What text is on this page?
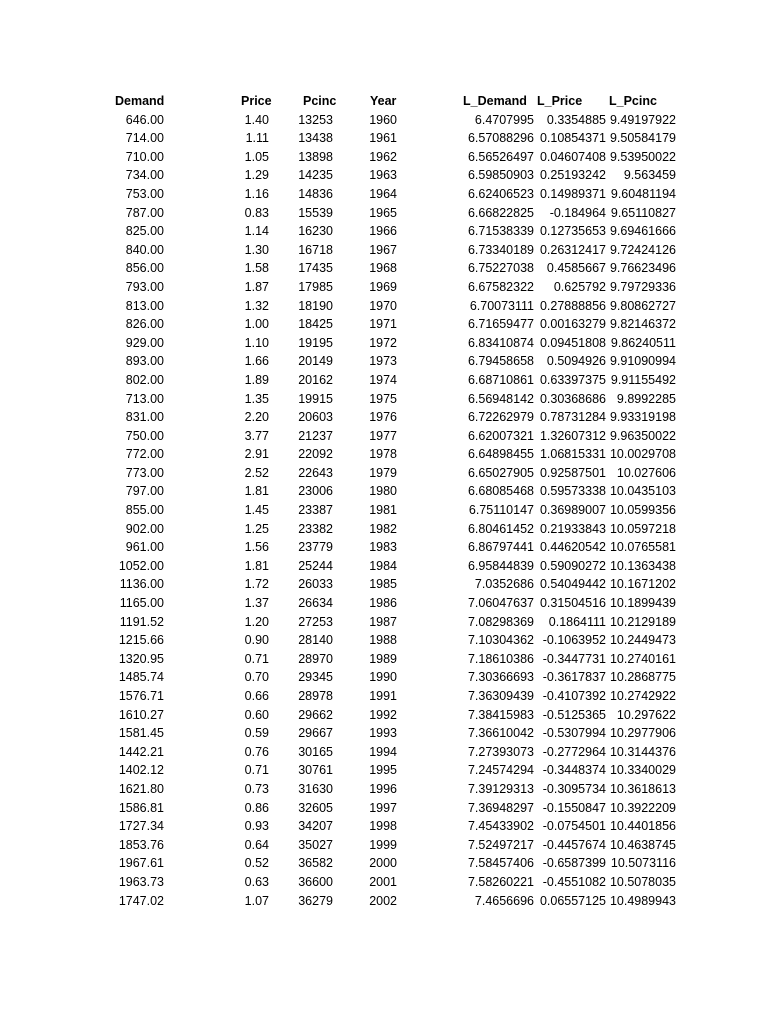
Demand	Price	Pcinc	Year	L_Demand L_Price L_Pcinc
646.00	1.40 13253	1960	6.4707995 0.3354885 9.49197922
714.00	1.11 13438	1961	6.57088296 0.10854371 9.50584179
710.00	1.05 13898	1962	6.56526497 0.04607408 9.53950022
734.00	1.29 14235	1963	6.59850903 0.25193242 9.563459
753.00	1.16 14836	1964	6.62406523 0.14989371 9.60481194
787.00	0.83 15539	1965	6.66822825 -0.184964 9.65110827
825.00	1.14 16230	1966	6.71538339 0.12735653 9.69461666
840.00	1.30 16718	1967	6.73340189 0.26312417 9.72424126
856.00	1.58 17435	1968	6.75227038 0.4585667 9.76623496
793.00	1.87 17985	1969	6.67582322 0.625792 9.79729336
813.00	1.32 18190	1970	6.70073111 0.27888856 9.80862727
826.00	1.00 18425	1971	6.71659477 0.00163279 9.82146372
929.00	1.10 19195	1972	6.83410874 0.09451808 9.86240511
893.00	1.66 20149	1973	6.79458658 0.5094926 9.91090994
802.00	1.89 20162	1974	6.68710861 0.63397375 9.91155492
713.00	1.35 19915	1975	6.56948142 0.30368686 9.8992285
831.00	2.20 20603	1976	6.72262979 0.78731284 9.93319198
750.00	3.77 21237	1977	6.62007321 1.32607312 9.96350022
772.00	2.91 22092	1978	6.64898455 1.06815331 10.0029708
773.00	2.52 22643	1979	6.65027905 0.92587501 10.027606
797.00	1.81 23006	1980	6.68085468 0.59573338 10.0435103
855.00	1.45 23387	1981	6.75110147 0.36989007 10.0599356
902.00	1.25 23382	1982	6.80461452 0.21933843 10.0597218
961.00	1.56 23779	1983	6.86797441 0.44620542 10.0765581
1052.00	1.81 25244	1984	6.95844839 0.59090272 10.1363438
1136.00	1.72 26033	1985	7.0352686 0.54049442 10.1671202
1165.00	1.37 26634	1986	7.06047637 0.31504516 10.1899439
1191.52	1.20 27253	1987	7.08298369 0.1864111 10.2129189
1215.66	0.90 28140	1988	7.10304362 -0.1063952 10.2449473
1320.95	0.71 28970	1989	7.18610386 -0.3447731 10.2740161
1485.74	0.70 29345	1990	7.30366693 -0.3617837 10.2868775
1576.71	0.66 28978	1991	7.36309439 -0.4107392 10.2742922
1610.27	0.60 29662	1992	7.38415983 -0.5125365 10.297622
1581.45	0.59 29667	1993	7.36610042 -0.5307994 10.2977906
1442.21	0.76 30165	1994	7.27393073 -0.2772964 10.3144376
1402.12	0.71 30761	1995	7.24574294 -0.3448374 10.3340029
1621.80	0.73 31630	1996	7.39129313 -0.3095734 10.3618613
1586.81	0.86 32605	1997	7.36948297 -0.1550847 10.3922209
1727.34	0.93 34207	1998	7.45433902 -0.0754501 10.4401856
1853.76	0.64 35027	1999	7.52497217 -0.4457674 10.4638745
1967.61	0.52 36582	2000	7.58457406 -0.6587399 10.5073116
1963.73	0.63 36600	2001	7.58260221 -0.4551082 10.5078035
1747.02	1.07 36279	2002	7.4656696 0.06557125 10.4989943
